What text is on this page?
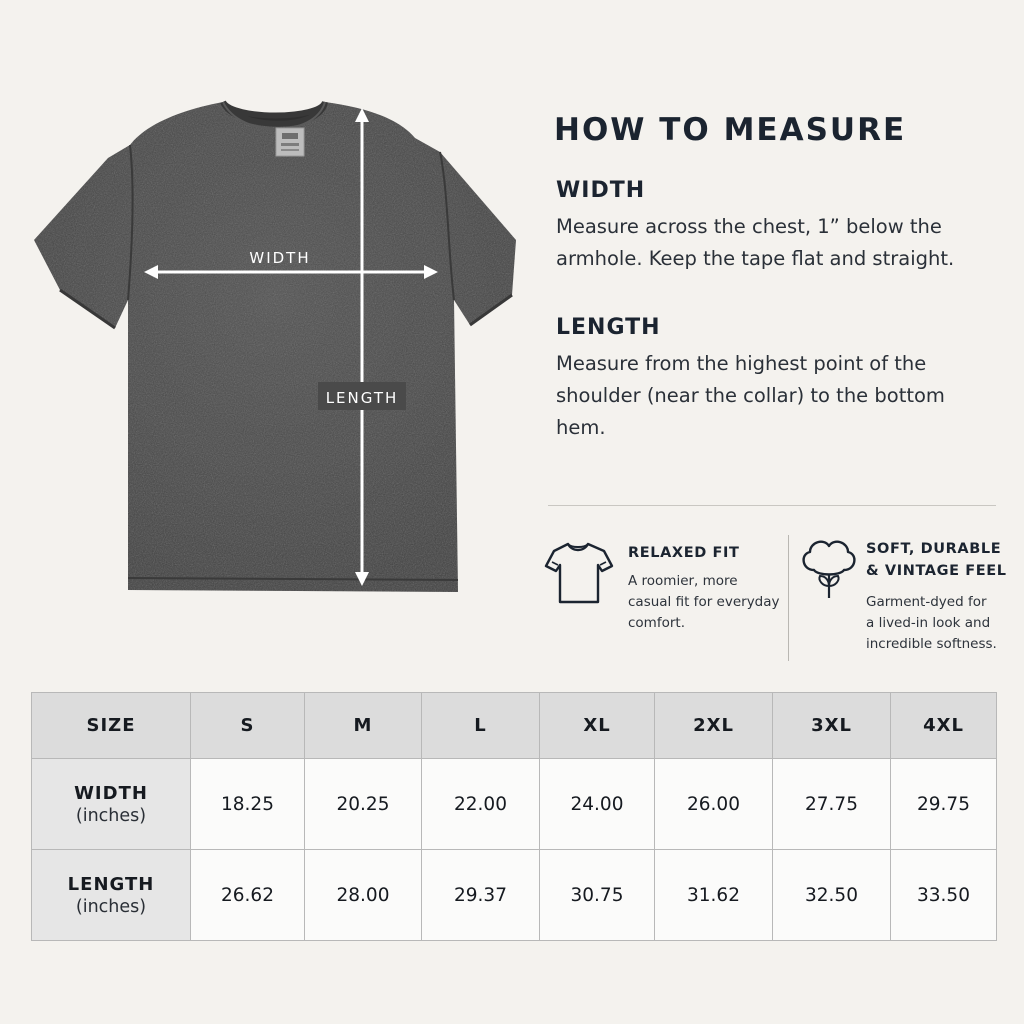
WIDTH
LENGTH
HOW TO MEASURE
WIDTH
Measure across the chest, 1” below the armhole. Keep the tape flat and straight.
LENGTH
Measure from the highest point of the shoulder (near the collar) to the bottom hem.
RELAXED FIT
A roomier, more
casual fit for everyday
comfort.
SOFT, DURABLE
& VINTAGE FEEL
Garment-dyed for
a lived-in look and
incredible softness.
SIZE	S	M	L	XL	2XL	3XL	4XL

WIDTH
(inches)	18.25	20.25	22.00	24.00	26.00	27.75	29.75

LENGTH
(inches)	26.62	28.00	29.37	30.75	31.62	32.50	33.50
